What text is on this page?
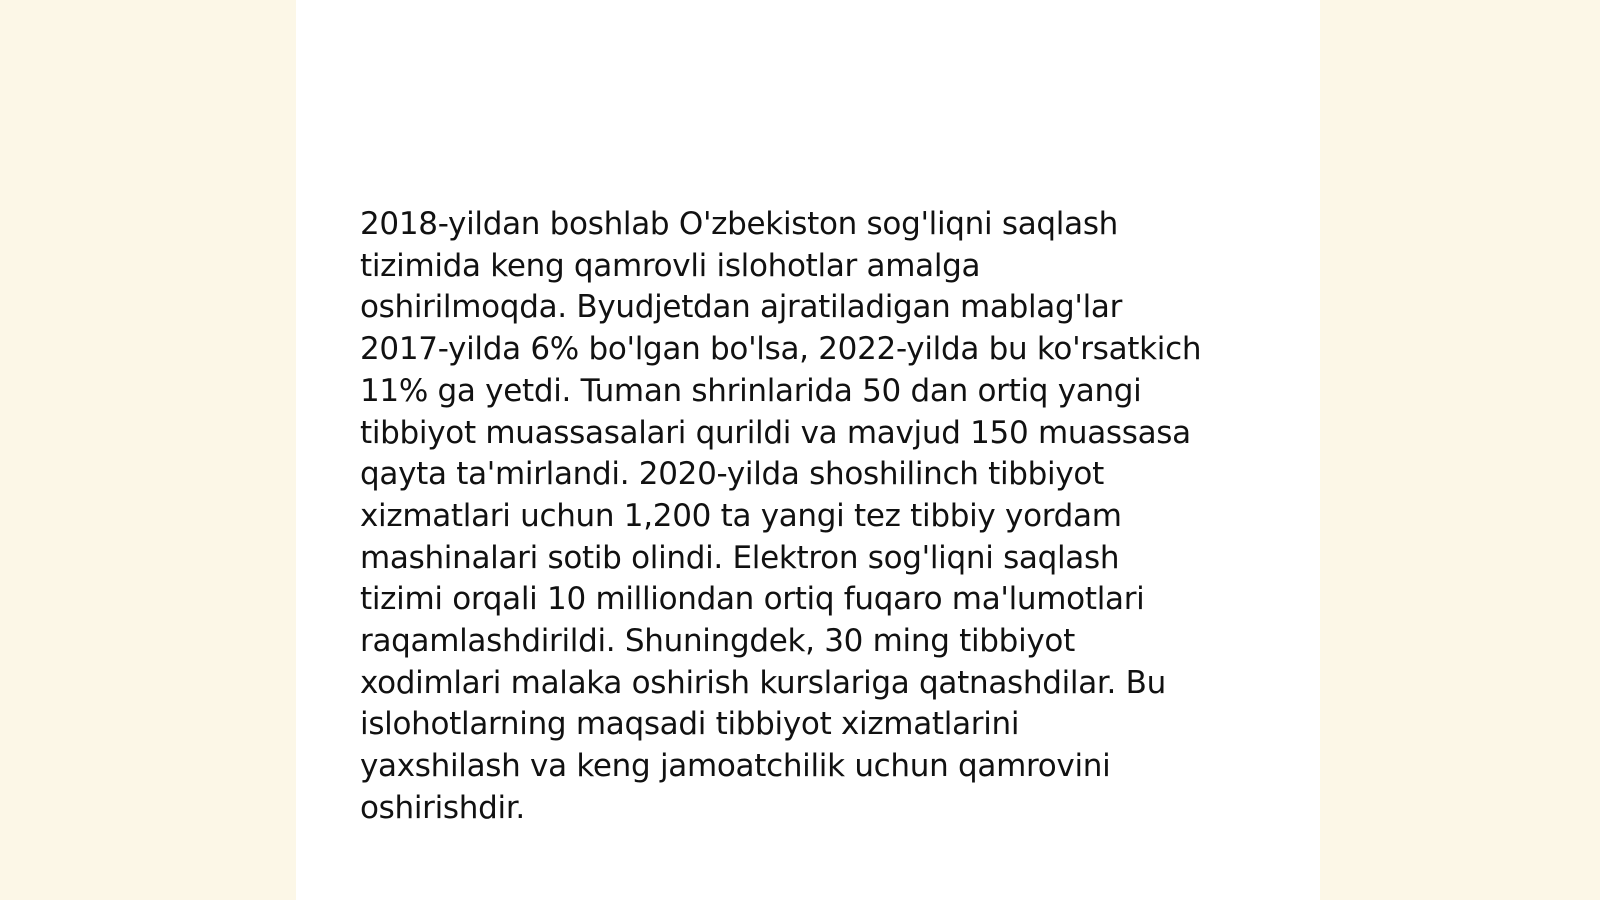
2018-yildan boshlab O'zbekiston sog'liqni saqlash
tizimida keng qamrovli islohotlar amalga
oshirilmoqda. Byudjetdan ajratiladigan mablag'lar
2017-yilda 6% bo'lgan bo'lsa, 2022-yilda bu ko'rsatkich
11% ga yetdi. Tuman shrinlarida 50 dan ortiq yangi
tibbiyot muassasalari qurildi va mavjud 150 muassasa
qayta ta'mirlandi. 2020-yilda shoshilinch tibbiyot
xizmatlari uchun 1,200 ta yangi tez tibbiy yordam
mashinalari sotib olindi. Elektron sog'liqni saqlash
tizimi orqali 10 milliondan ortiq fuqaro ma'lumotlari
raqamlashdirildi. Shuningdek, 30 ming tibbiyot
xodimlari malaka oshirish kurslariga qatnashdilar. Bu
islohotlarning maqsadi tibbiyot xizmatlarini
yaxshilash va keng jamoatchilik uchun qamrovini
oshirishdir.
